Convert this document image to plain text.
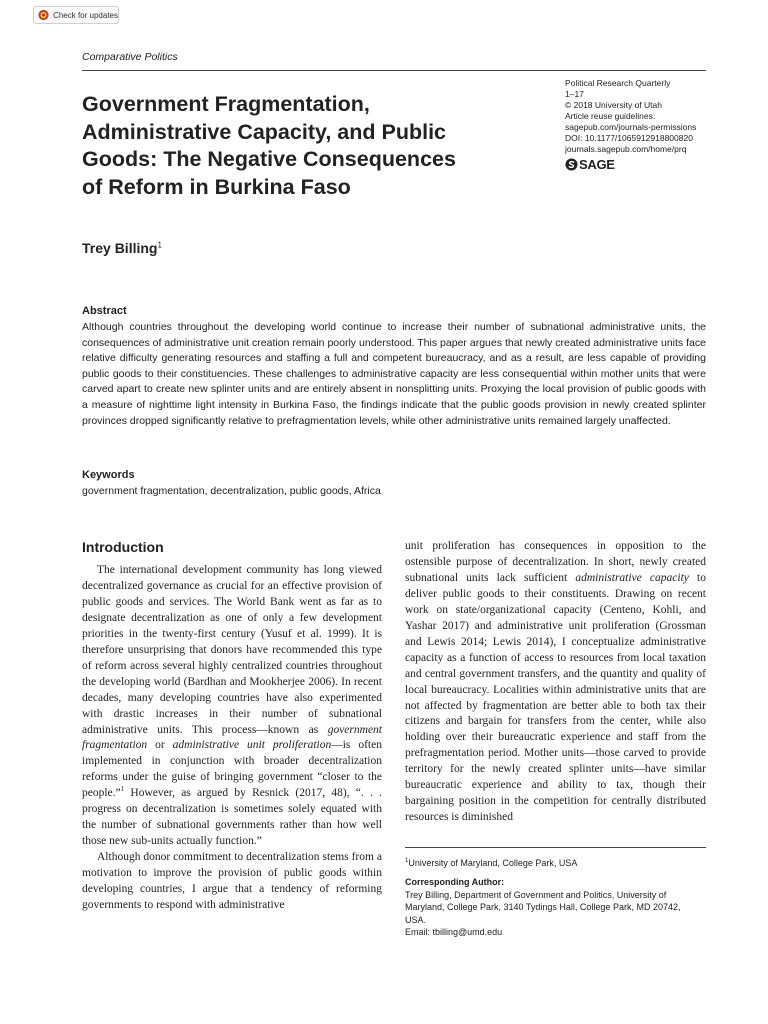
Check for updates
Comparative Politics
Government Fragmentation,
Administrative Capacity, and Public
Goods: The Negative Consequences
of Reform in Burkina Faso
Political Research Quarterly
1–17
© 2018 University of Utah
Article reuse guidelines:
sagepub.com/journals-permissions
DOI: 10.1177/1065912918800820
journals.sagepub.com/home/prq
SAGE
Trey Billing$^1$
Abstract
Although countries throughout the developing world continue to increase their number of subnational administrative units, the consequences of administrative unit creation remain poorly understood. This paper argues that newly created administrative units face relative difficulty generating resources and staffing a full and competent bureaucracy, and as a result, are less capable of providing public goods to their constituencies. These challenges to administrative capacity are less consequential within mother units that were carved apart to create new splinter units and are entirely absent in nonsplitting units. Proxying the local provision of public goods with a measure of nighttime light intensity in Burkina Faso, the findings indicate that the public goods provision in newly created splinter provinces dropped significantly relative to prefragmentation levels, while other administrative units remained largely unaffected.
Keywords
government fragmentation, decentralization, public goods, Africa
Introduction

The international development community has long viewed decentralized governance as crucial for an effective provision of public goods and services. The World Bank went as far as to designate decentralization as one of only a few development priorities in the twenty-first century (Yusuf et al. 1999). It is therefore unsurprising that donors have recommended this type of reform across several highly centralized countries throughout the developing world (Bardhan and Mookherjee 2006). In recent decades, many developing countries have also experimented with drastic increases in their number of subnational administrative units. This process—known as government fragmentation or administrative unit proliferation—is often implemented in conjunction with broader decentralization reforms under the guise of bringing government “closer to the people.”$^1$ However, as argued by Resnick (2017, 48), “. . . progress on decentralization is sometimes solely equated with the number of subnational governments rather than how well those new sub-units actually function.”

Although donor commitment to decentralization stems from a motivation to improve the provision of public goods within developing countries, I argue that a tendency of reforming governments to respond with administrative

unit proliferation has consequences in opposition to the ostensible purpose of decentralization. In short, newly created subnational units lack sufficient administrative capacity to deliver public goods to their constituents. Drawing on recent work on state/organizational capacity (Centeno, Kohli, and Yashar 2017) and administrative unit proliferation (Grossman and Lewis 2014; Lewis 2014), I conceptualize administrative capacity as a function of access to resources from local taxation and central government transfers, and the quantity and quality of local bureaucracy. Localities within administrative units that are not affected by fragmentation are better able to both tax their citizens and bargain for transfers from the center, while also holding over their bureaucratic experience and staff from the prefragmentation period. Mother units—those carved to provide territory for the newly created splinter units—have similar bureaucratic experience and ability to tax, though their bargaining position in the competition for centrally distributed resources is diminished

$^1$University of Maryland, College Park, USA
Corresponding Author:
Trey Billing, Department of Government and Politics, University of
Maryland, College Park, 3140 Tydings Hall, College Park, MD 20742,
USA.
Email: tbilling@umd.edu
